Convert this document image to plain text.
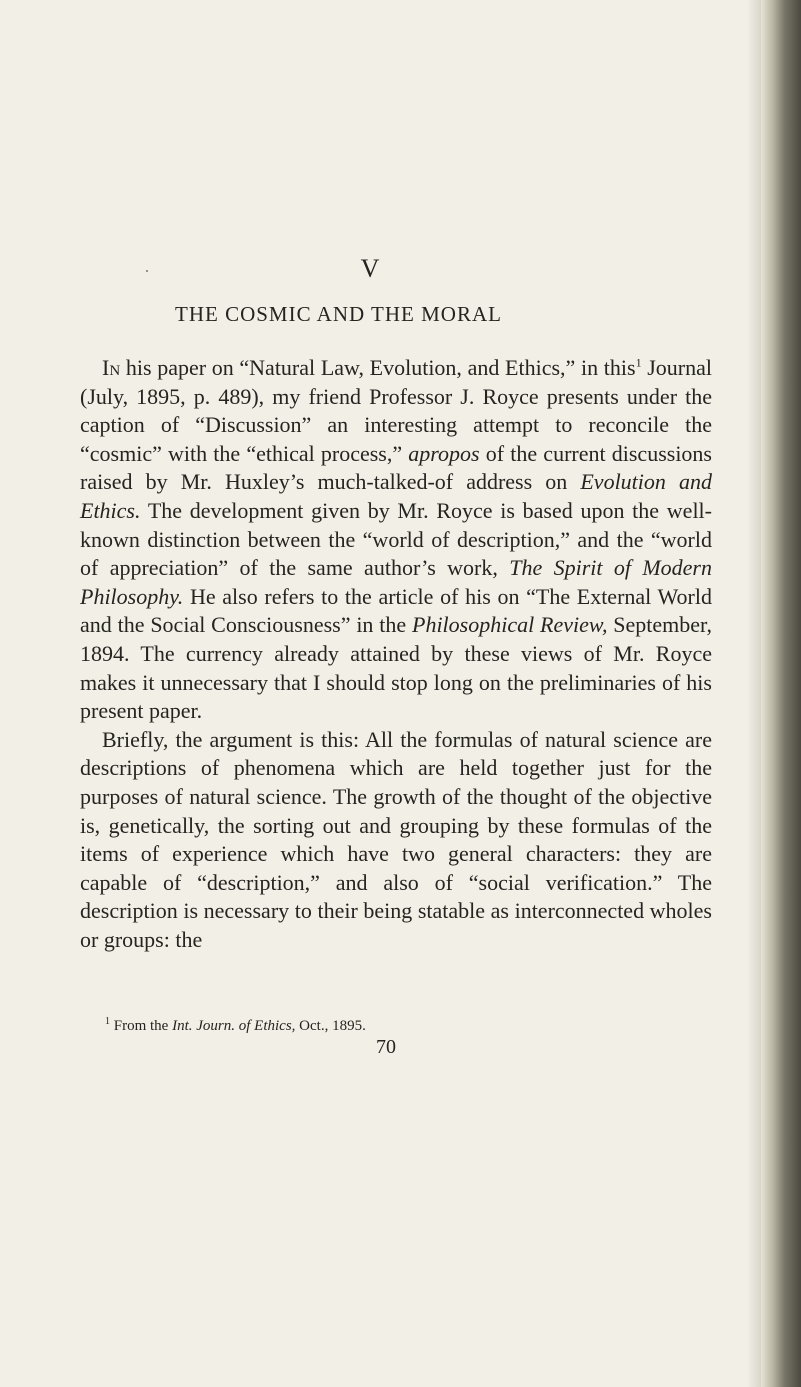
V
THE COSMIC AND THE MORAL

In his paper on “Natural Law, Evolution, and Ethics,” in this$^1$ Journal (July, 1895, p. 489), my friend Professor J. Royce presents under the caption of “Discussion” an interesting attempt to reconcile the “cosmic” with the “ethical process,” apropos of the current discussions raised by Mr. Huxley’s much-talked-of address on Evolution and Ethics. The development given by Mr. Royce is based upon the well-known distinction between the “world of description,” and the “world of appreciation” of the same author’s work, The Spirit of Modern Philosophy. He also refers to the article of his on “The External World and the Social Consciousness” in the Philosophical Review, September, 1894. The currency already attained by these views of Mr. Royce makes it unnecessary that I should stop long on the preliminaries of his present paper.

Briefly, the argument is this: All the formulas of natural science are descriptions of phenomena which are held together just for the purposes of natural science. The growth of the thought of the objective is, genetically, the sorting out and grouping by these formulas of the items of experience which have two general characters: they are capable of “description,” and also of “social verification.” The description is necessary to their being statable as interconnected wholes or groups: the

$^1$ From the Int. Journ. of Ethics, Oct., 1895.
70
